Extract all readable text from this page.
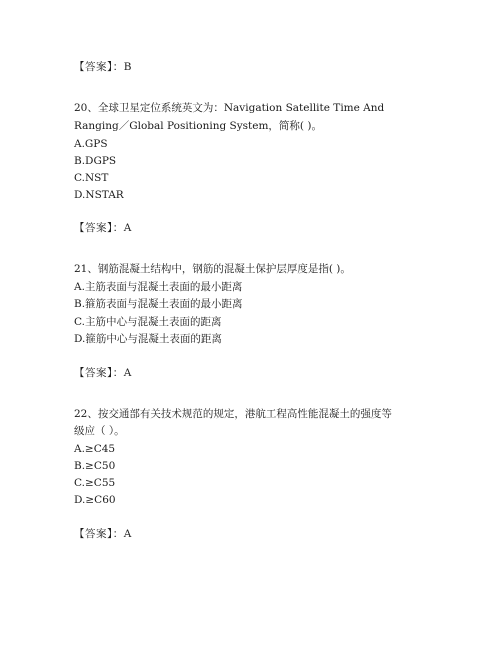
【答案】：B
20、全球卫星定位系统英文为：Navigation Satellite Time And
Ranging／Global Positioning System，简称( )。
A.GPS
B.DGPS
C.NST
D.NSTAR
【答案】：A
21、钢筋混凝土结构中，钢筋的混凝土保护层厚度是指( )。
A.主筋表面与混凝土表面的最小距离
B.箍筋表面与混凝土表面的最小距离
C.主筋中心与混凝土表面的距离
D.箍筋中心与混凝土表面的距离
【答案】：A
22、按交通部有关技术规范的规定，港航工程高性能混凝土的强度等
级应（ ）。
A.≥C45
B.≥C50
C.≥C55
D.≥C60
【答案】：A
